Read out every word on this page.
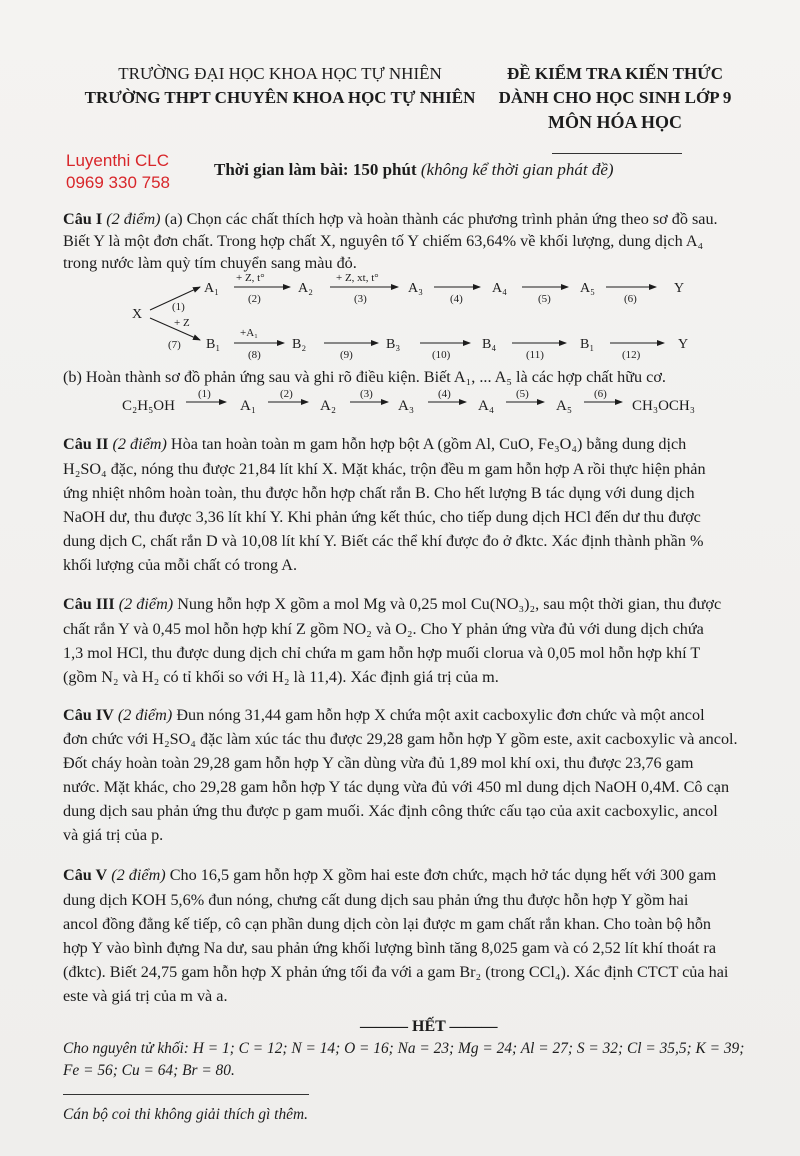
TRƯỜNG ĐẠI HỌC KHOA HỌC TỰ NHIÊN
TRƯỜNG THPT CHUYÊN KHOA HỌC TỰ NHIÊN
ĐỀ KIỂM TRA KIẾN THỨC
DÀNH CHO HỌC SINH LỚP 9
MÔN HÓA HỌC
Luyenthi CLC
0969 330 758
Thời gian làm bài: 150 phút (không kể thời gian phát đề)
Câu I (2 điểm) (a) Chọn các chất thích hợp và hoàn thành các phương trình phản ứng theo sơ đồ sau.
Biết Y là một đơn chất. Trong hợp chất X, nguyên tố Y chiếm 63,64% về khối lượng, dung dịch A₄
trong nước làm quỳ tím chuyển sang màu đỏ.
X
A₁	A₂	A₃	A₄	A₅	Y
B₁	B₂	B₃	B₄	B₁	Y
+ Z, t°	+ Z, xt, t°
+A₁
+ Z
(1)
(2)	(3)	(4)	(5)	(6)
(7)
(8)	(9)	(10)	(11)	(12)
(b) Hoàn thành sơ đồ phản ứng sau và ghi rõ điều kiện. Biết A₁, ... A₅ là các hợp chất hữu cơ.
C₂H₅OH	A₁	A₂	A₃	A₄	A₅	CH₃OCH₃
(1)	(2)	(3)	(4)	(5)	(6)
Câu II (2 điểm) Hòa tan hoàn toàn m gam hỗn hợp bột A (gồm Al, CuO, Fe₃O₄) bằng dung dịch
H₂SO₄ đặc, nóng thu được 21,84 lít khí X. Mặt khác, trộn đều m gam hỗn hợp A rồi thực hiện phản
ứng nhiệt nhôm hoàn toàn, thu được hỗn hợp chất rắn B. Cho hết lượng B tác dụng với dung dịch
NaOH dư, thu được 3,36 lít khí Y. Khi phản ứng kết thúc, cho tiếp dung dịch HCl đến dư thu được
dung dịch C, chất rắn D và 10,08 lít khí Y. Biết các thể khí được đo ở đktc. Xác định thành phần %
khối lượng của mỗi chất có trong A.
Câu III (2 điểm) Nung hỗn hợp X gồm a mol Mg và 0,25 mol Cu(NO₃)₂, sau một thời gian, thu được
chất rắn Y và 0,45 mol hỗn hợp khí Z gồm NO₂ và O₂. Cho Y phản ứng vừa đủ với dung dịch chứa
1,3 mol HCl, thu được dung dịch chỉ chứa m gam hỗn hợp muối clorua và 0,05 mol hỗn hợp khí T
(gồm N₂ và H₂ có tỉ khối so với H₂ là 11,4). Xác định giá trị của m.
Câu IV (2 điểm) Đun nóng 31,44 gam hỗn hợp X chứa một axit cacboxylic đơn chức và một ancol
đơn chức với H₂SO₄ đặc làm xúc tác thu được 29,28 gam hỗn hợp Y gồm este, axit cacboxylic và ancol.
Đốt cháy hoàn toàn 29,28 gam hỗn hợp Y cần dùng vừa đủ 1,89 mol khí oxi, thu được 23,76 gam
nước. Mặt khác, cho 29,28 gam hỗn hợp Y tác dụng vừa đủ với 450 ml dung dịch NaOH 0,4M. Cô cạn
dung dịch sau phản ứng thu được p gam muối. Xác định công thức cấu tạo của axit cacboxylic, ancol
và giá trị của p.
Câu V (2 điểm) Cho 16,5 gam hỗn hợp X gồm hai este đơn chức, mạch hở tác dụng hết với 300 gam
dung dịch KOH 5,6% đun nóng, chưng cất dung dịch sau phản ứng thu được hỗn hợp Y gồm hai
ancol đồng đẳng kế tiếp, cô cạn phần dung dịch còn lại được m gam chất rắn khan. Cho toàn bộ hỗn
hợp Y vào bình đựng Na dư, sau phản ứng khối lượng bình tăng 8,025 gam và có 2,52 lít khí thoát ra
(đktc). Biết 24,75 gam hỗn hợp X phản ứng tối đa với a gam Br₂ (trong CCl₄). Xác định CTCT của hai
este và giá trị của m và a.
——— HẾT ———
Cho nguyên tử khối: H = 1; C = 12; N = 14; O = 16; Na = 23; Mg = 24; Al = 27; S = 32; Cl = 35,5; K = 39;
Fe = 56; Cu = 64; Br = 80.
Cán bộ coi thi không giải thích gì thêm.
